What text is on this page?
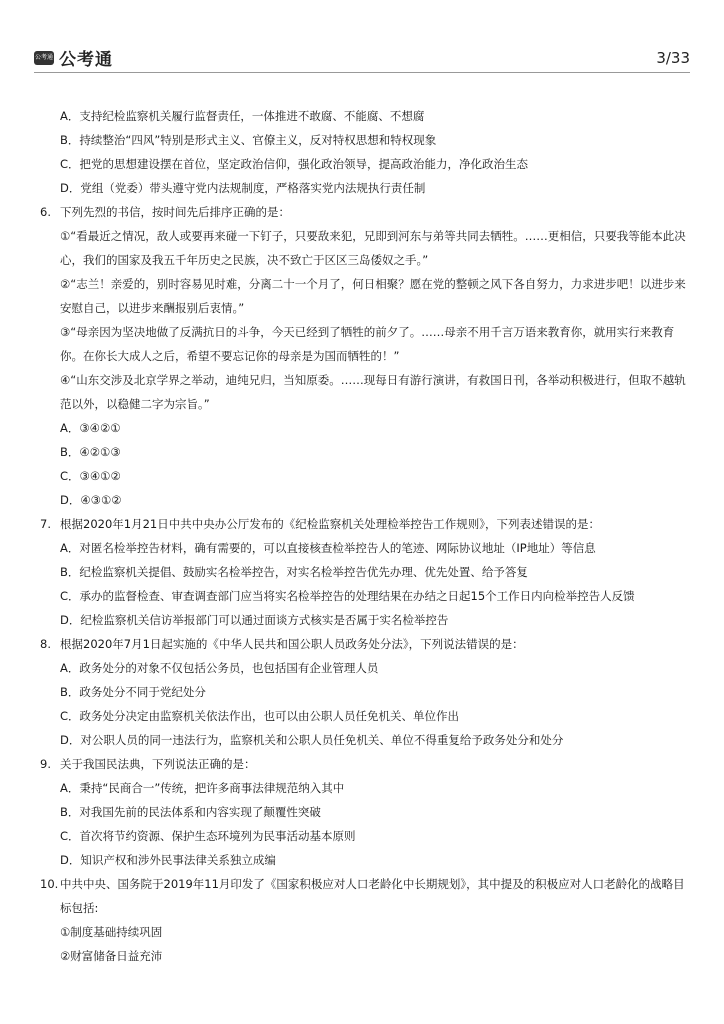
公考通 公考通	3/33
A．支持纪检监察机关履行监督责任，一体推进不敢腐、不能腐、不想腐
B．持续整治“四风”特别是形式主义、官僚主义，反对特权思想和特权现象
C．把党的思想建设摆在首位，坚定政治信仰，强化政治领导，提高政治能力，净化政治生态
D．党组（党委）带头遵守党内法规制度，严格落实党内法规执行责任制
6. 下列先烈的书信，按时间先后排序正确的是：
①“看最近之情况，敌人或要再来碰一下钉子，只要敌来犯，兄即到河东与弟等共同去牺牲。……更相信，只要我等能本此决心，我们的国家及我五千年历史之民族，决不致亡于区区三岛倭奴之手。”
②“志兰！亲爱的，别时容易见时难，分离二十一个月了，何日相聚？愿在党的整顿之风下各自努力，力求进步吧！以进步来安慰自己，以进步来酬报别后衷情。”
③“母亲因为坚决地做了反满抗日的斗争，今天已经到了牺牲的前夕了。……母亲不用千言万语来教育你，就用实行来教育你。在你长大成人之后，希望不要忘记你的母亲是为国而牺牲的！”
④“山东交涉及北京学界之举动，迪纯兄归，当知原委。……现每日有游行演讲，有救国日刊，各举动积极进行，但取不越轨范以外，以稳健二字为宗旨。”
A．③④②①
B．④②①③
C．③④①②
D．④③①②
7. 根据2020年1月21日中共中央办公厅发布的《纪检监察机关处理检举控告工作规则》，下列表述错误的是：
A．对匿名检举控告材料，确有需要的，可以直接核查检举控告人的笔迹、网际协议地址（IP地址）等信息
B．纪检监察机关提倡、鼓励实名检举控告，对实名检举控告优先办理、优先处置、给予答复
C．承办的监督检查、审查调查部门应当将实名检举控告的处理结果在办结之日起15个工作日内向检举控告人反馈
D．纪检监察机关信访举报部门可以通过面谈方式核实是否属于实名检举控告
8. 根据2020年7月1日起实施的《中华人民共和国公职人员政务处分法》，下列说法错误的是：
A．政务处分的对象不仅包括公务员，也包括国有企业管理人员
B．政务处分不同于党纪处分
C．政务处分决定由监察机关依法作出，也可以由公职人员任免机关、单位作出
D．对公职人员的同一违法行为，监察机关和公职人员任免机关、单位不得重复给予政务处分和处分
9. 关于我国民法典，下列说法正确的是：
A．秉持“民商合一”传统，把许多商事法律规范纳入其中
B．对我国先前的民法体系和内容实现了颠覆性突破
C．首次将节约资源、保护生态环境列为民事活动基本原则
D．知识产权和涉外民事法律关系独立成编
10. 中共中央、国务院于2019年11月印发了《国家积极应对人口老龄化中长期规划》，其中提及的积极应对人口老龄化的战略目标包括:
①制度基础持续巩固
②财富储备日益充沛
